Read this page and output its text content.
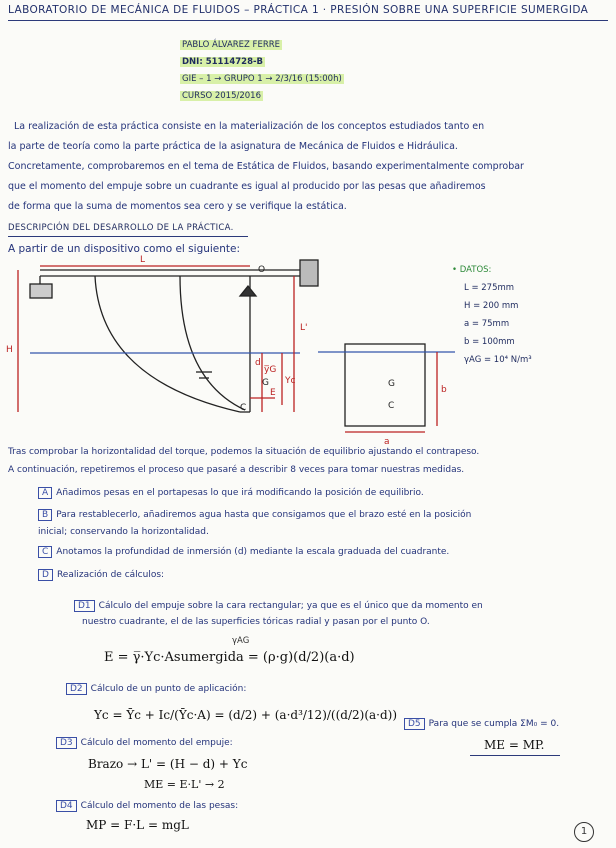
LABORATORIO DE MECÁNICA DE FLUIDOS – PRÁCTICA 1 · PRESIÓN SOBRE UNA SUPERFICIE SUMERGIDA
PABLO ÁLVAREZ FERRE
DNI: 51114728-B
GIE – 1 → GRUPO 1 → 2/3/16 (15:00h)
CURSO 2015/2016
La realización de esta práctica consiste en la materialización de los conceptos estudiados tanto en
la parte de teoría como la parte práctica de la asignatura de Mecánica de Fluidos e Hidráulica.
Concretamente, comprobaremos en el tema de Estática de Fluidos, basando experimentalmente comprobar
que el momento del empuje sobre un cuadrante es igual al producido por las pesas que añadiremos
de forma que la suma de momentos sea cero y se verifique la estática.
DESCRIPCIÓN DEL DESARROLLO DE LA PRÁCTICA.
A partir de un dispositivo como el siguiente:
L
O
H
L'
y̅G
Yc
E
C
G
d
a
b
G
C
• DATOS:
L = 275mm
H = 200 mm
a = 75mm
b = 100mm
γAG = 10⁴ N/m³
Tras comprobar la horizontalidad del torque, podemos la situación de equilibrio ajustando el contrapeso.
A continuación, repetiremos el proceso que pasaré a describir 8 veces para tomar nuestras medidas.
A Añadimos pesas en el portapesas lo que irá modificando la posición de equilibrio.
B Para restablecerlo, añadiremos agua hasta que consigamos que el brazo esté en la posición
inicial; conservando la horizontalidad.
C Anotamos la profundidad de inmersión (d) mediante la escala graduada del cuadrante.
D Realización de cálculos:
D1 Cálculo del empuje sobre la cara rectangular; ya que es el único que da momento en
nuestro cuadrante, el de las superficies tóricas radial y pasan por el punto O.
γAG
E = γ̅·Yc·Asumergida = (ρ·g)(d/2)(a·d)
D2 Cálculo de un punto de aplicación:
Yc = Ȳc + Ic/(Ȳc·A) = (d/2) + (a·d³/12)/((d/2)(a·d))
D3 Cálculo del momento del empuje:
Brazo → L' = (H − d) + Yc
ME = E·L' → 2
D4 Cálculo del momento de las pesas:
MP = F·L = mgL
D5 Para que se cumpla ΣM₀ = 0.
ME = MP.
1
